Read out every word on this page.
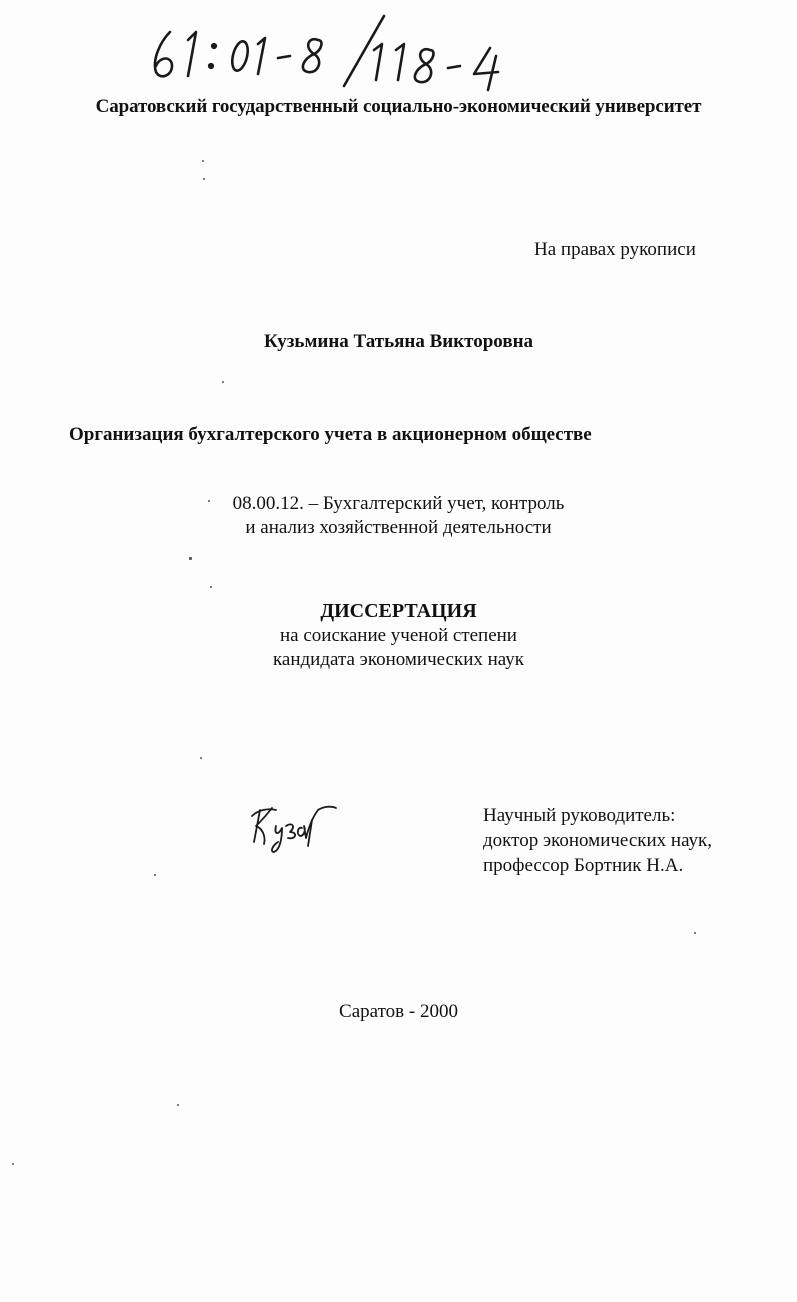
Саратовский государственный социально-экономический университет

На правах рукописи

Кузьмина Татьяна Викторовна

Организация бухгалтерского учета в акционерном обществе

08.00.12. – Бухгалтерский учет, контроль
и анализ хозяйственной деятельности

ДИССЕРТАЦИЯ

на соискание ученой степени
кандидата экономических наук
Научный руководитель:
доктор экономических наук,
профессор Бортник Н.А.

Саратов - 2000
